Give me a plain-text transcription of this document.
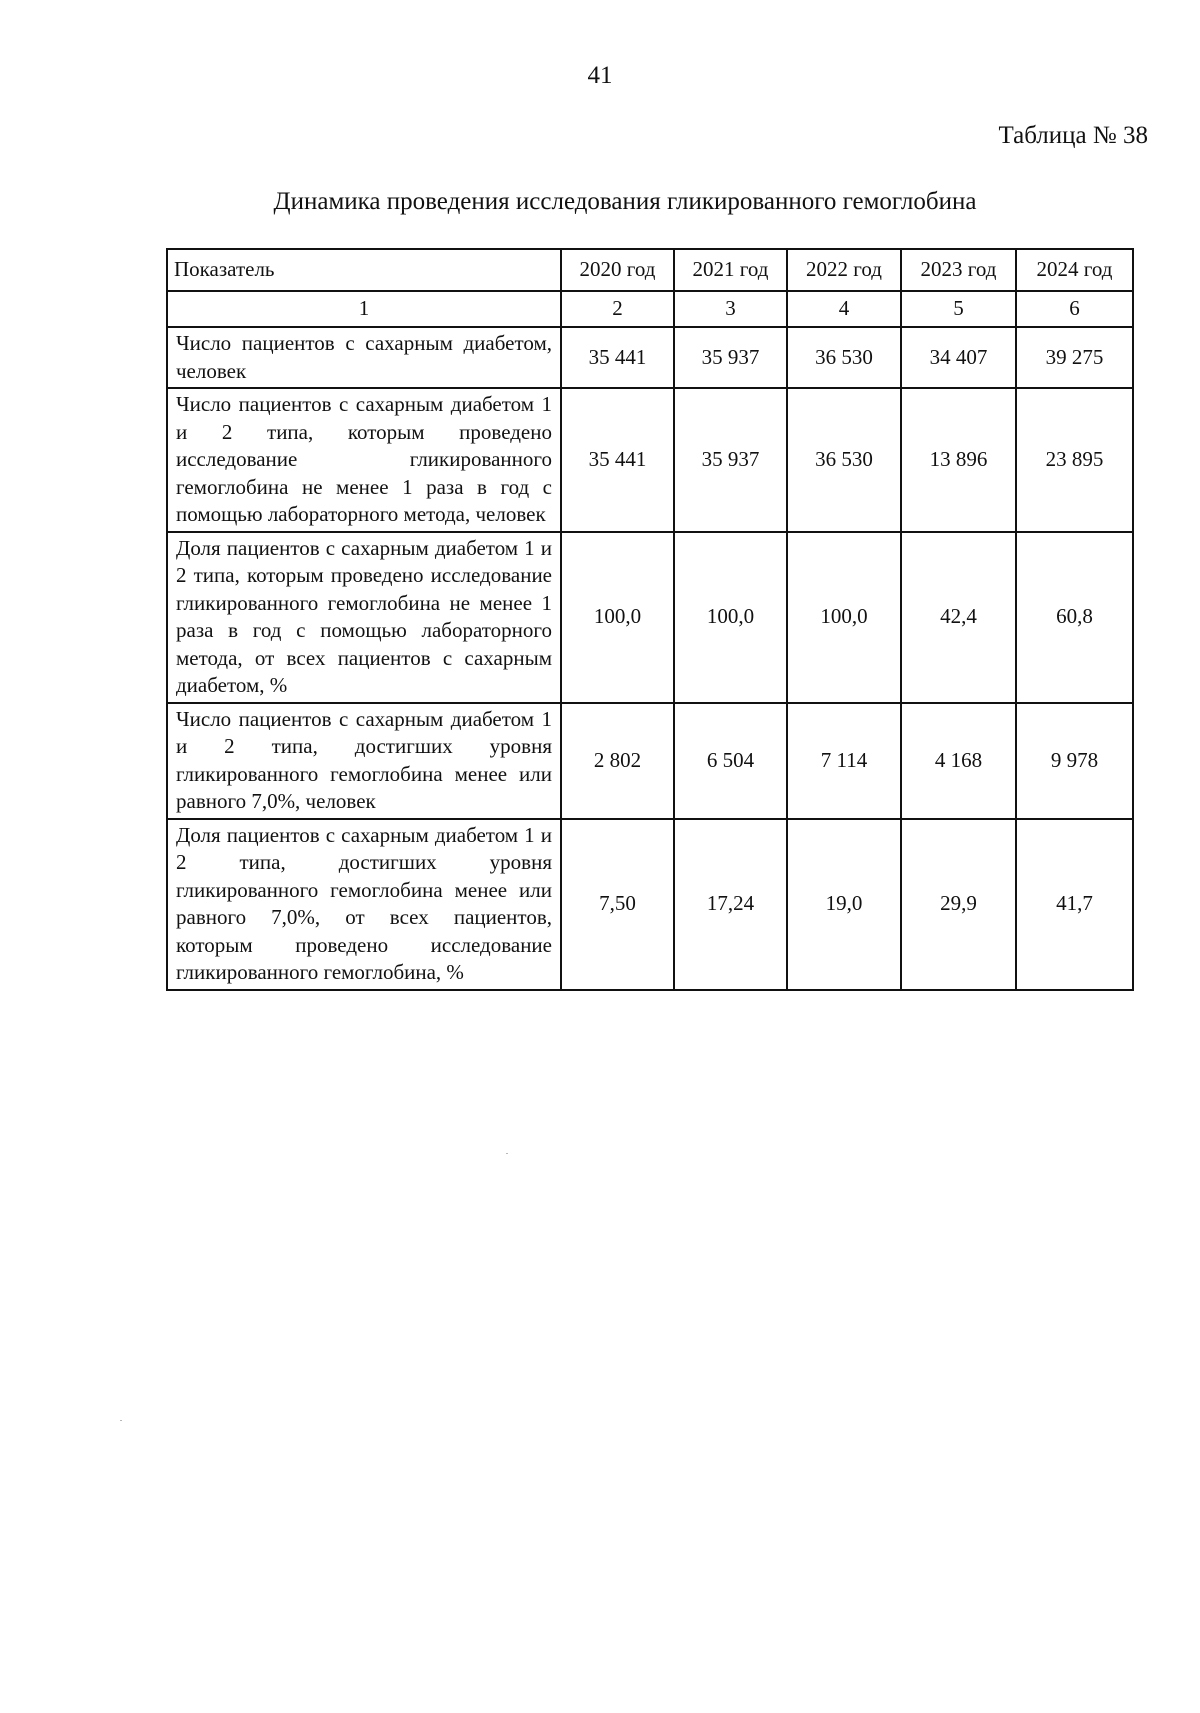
41
Таблица № 38
Динамика проведения исследования гликированного гемоглобина
Показатель	2020 год	2021 год	2022 год	2023 год	2024 год
1	2	3	4	5	6
Число пациентов с сахарным диабетом, человек	35 441	35 937	36 530	34 407	39 275
Число пациентов с сахарным диабетом 1 и 2 типа, которым проведено исследование гликированного гемоглобина не менее 1 раза в год с помощью лабораторного метода, человек	35 441	35 937	36 530	13 896	23 895
Доля пациентов с сахарным диабетом 1 и 2 типа, которым проведено исследование гликированного гемоглобина не менее 1 раза в год с помощью лабораторного метода, от всех пациентов с сахарным диабетом, %	100,0	100,0	100,0	42,4	60,8
Число пациентов с сахарным диабетом 1 и 2 типа, достигших уровня гликированного гемоглобина менее или равного 7,0%, человек	2 802	6 504	7 114	4 168	9 978
Доля пациентов с сахарным диабетом 1 и 2 типа, достигших уровня гликированного гемоглобина менее или равного 7,0%, от всех пациентов, которым проведено исследование гликированного гемоглобина, %	7,50	17,24	19,0	29,9	41,7
